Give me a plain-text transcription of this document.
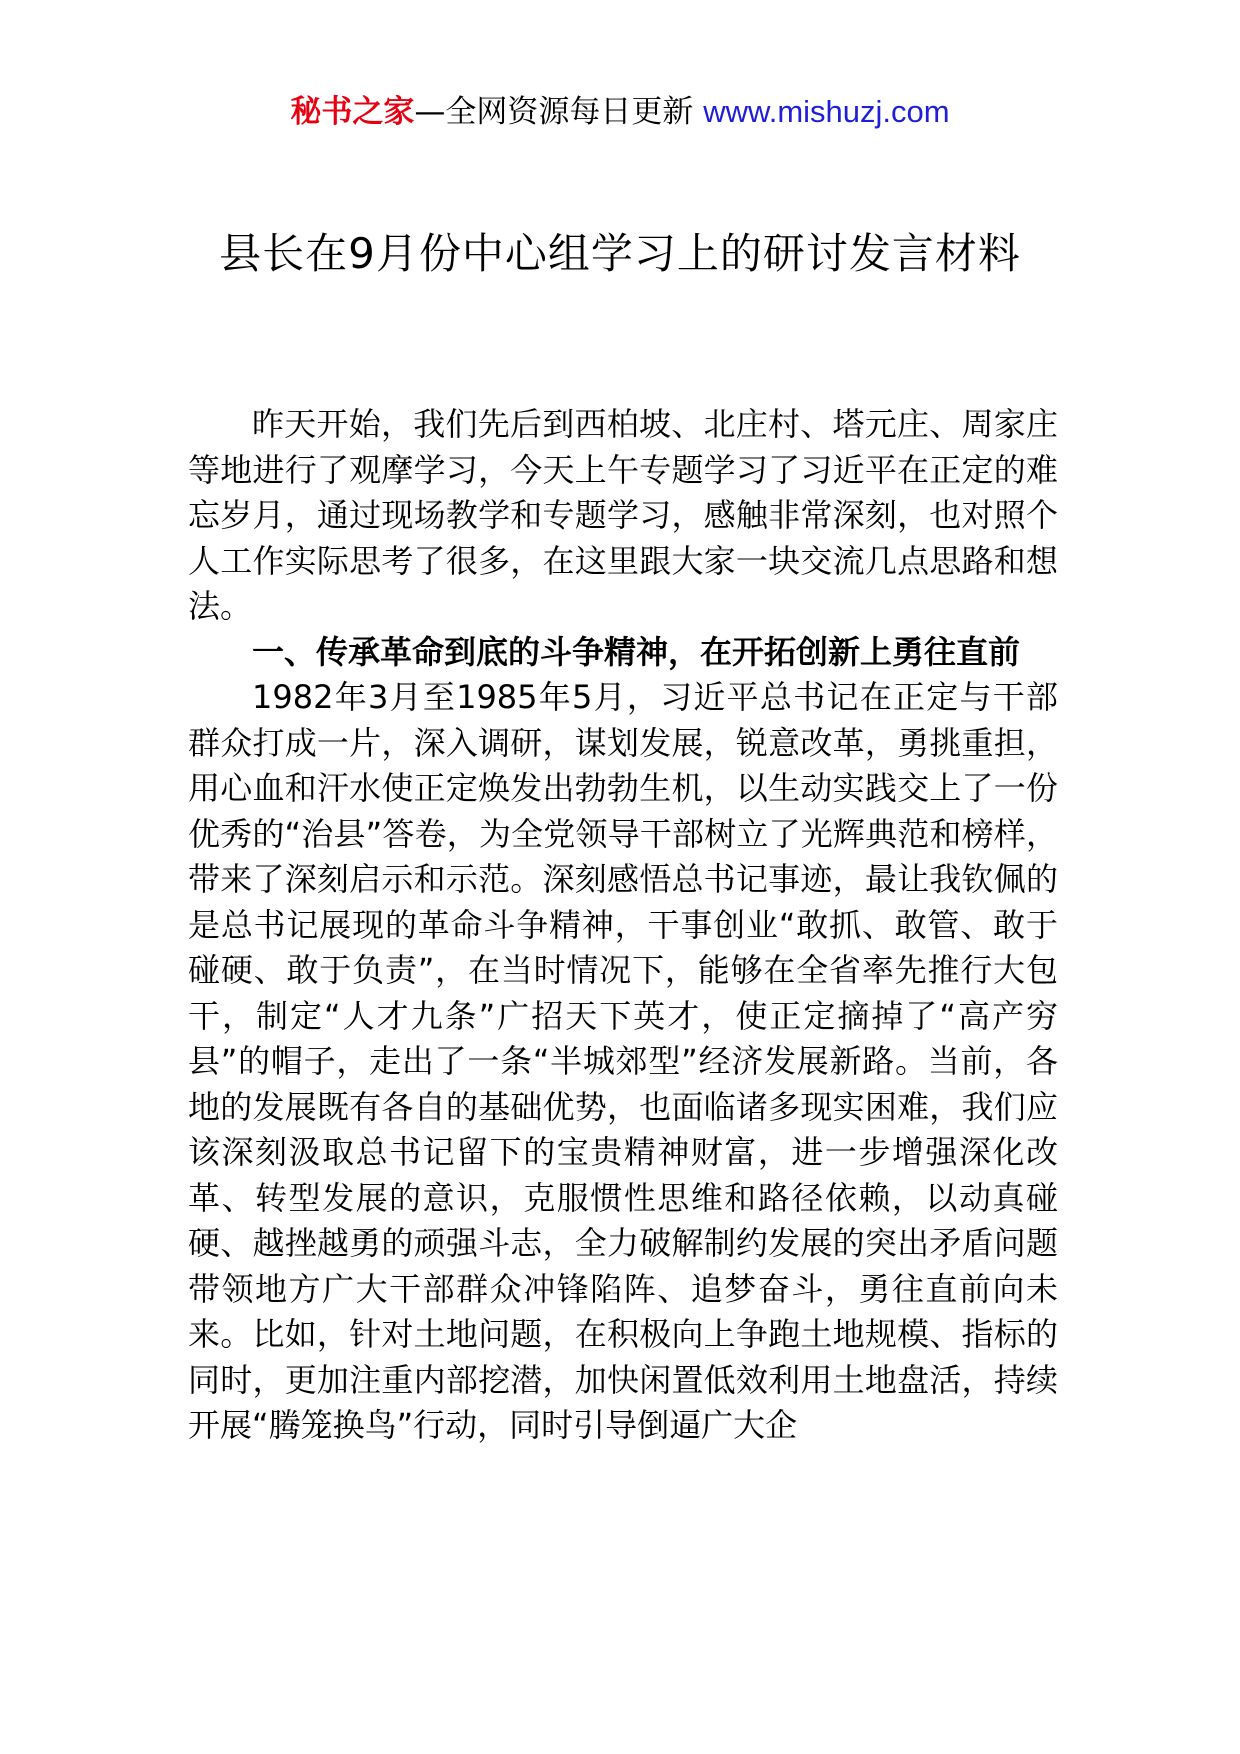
秘书之家—全网资源每日更新 www.mishuzj.com
县长在9月份中心组学习上的研讨发言材料

昨天开始，我们先后到西柏坡、北庄村、塔元庄、周家庄等地进行了观摩学习，今天上午专题学习了习近平在正定的难忘岁月，通过现场教学和专题学习，感触非常深刻，也对照个人工作实际思考了很多，在这里跟大家一块交流几点思路和想法。

一、传承革命到底的斗争精神，在开拓创新上勇往直前

1982年3月至1985年5月，习近平总书记在正定与干部群众打成一片，深入调研，谋划发展，锐意改革，勇挑重担，用心血和汗水使正定焕发出勃勃生机，以生动实践交上了一份优秀的“治县”答卷，为全党领导干部树立了光辉典范和榜样，带来了深刻启示和示范。深刻感悟总书记事迹，最让我钦佩的是总书记展现的革命斗争精神，干事创业“敢抓、敢管、敢于碰硬、敢于负责”，在当时情况下，能够在全省率先推行大包干，制定“人才九条”广招天下英才，使正定摘掉了“高产穷县”的帽子，走出了一条“半城郊型”经济发展新路。当前，各地的发展既有各自的基础优势，也面临诸多现实困难，我们应该深刻汲取总书记留下的宝贵精神财富，进一步增强深化改革、转型发展的意识，克服惯性思维和路径依赖，以动真碰硬、越挫越勇的顽强斗志，全力破解制约发展的突出矛盾问题带领地方广大干部群众冲锋陷阵、追梦奋斗，勇往直前向未来。比如，针对土地问题，在积极向上争跑土地规模、指标的同时，更加注重内部挖潜，加快闲置低效利用土地盘活，持续开展“腾笼换鸟”行动，同时引导倒逼广大企
